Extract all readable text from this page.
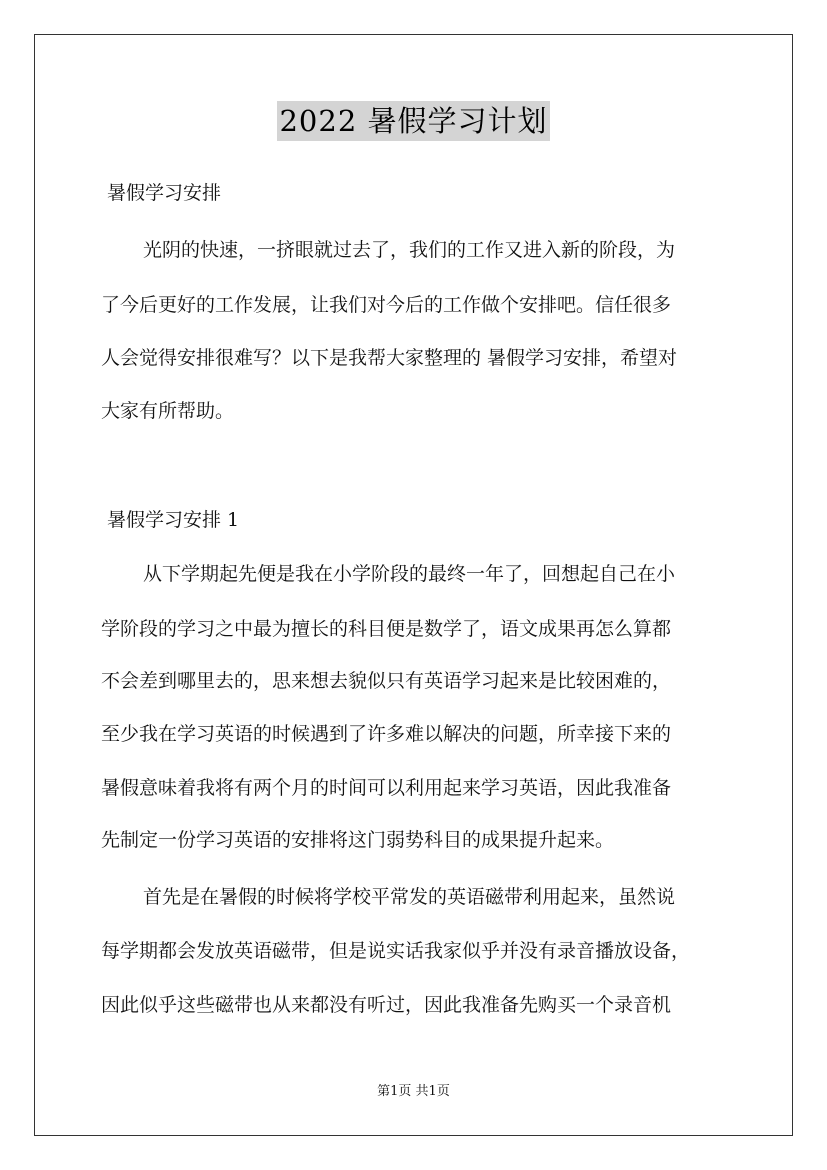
2022 暑假学习计划
暑假学习安排
光阴的快速，一挤眼就过去了，我们的工作又进入新的阶段，为
了今后更好的工作发展，让我们对今后的工作做个安排吧。信任很多
人会觉得安排很难写？以下是我帮大家整理的 暑假学习安排，希望对
大家有所帮助。
暑假学习安排 1
从下学期起先便是我在小学阶段的最终一年了，回想起自己在小
学阶段的学习之中最为擅长的科目便是数学了，语文成果再怎么算都
不会差到哪里去的，思来想去貌似只有英语学习起来是比较困难的，
至少我在学习英语的时候遇到了许多难以解决的问题，所幸接下来的
暑假意味着我将有两个月的时间可以利用起来学习英语，因此我准备
先制定一份学习英语的安排将这门弱势科目的成果提升起来。
首先是在暑假的时候将学校平常发的英语磁带利用起来，虽然说
每学期都会发放英语磁带，但是说实话我家似乎并没有录音播放设备，
因此似乎这些磁带也从来都没有听过，因此我准备先购买一个录音机
第1页 共1页
